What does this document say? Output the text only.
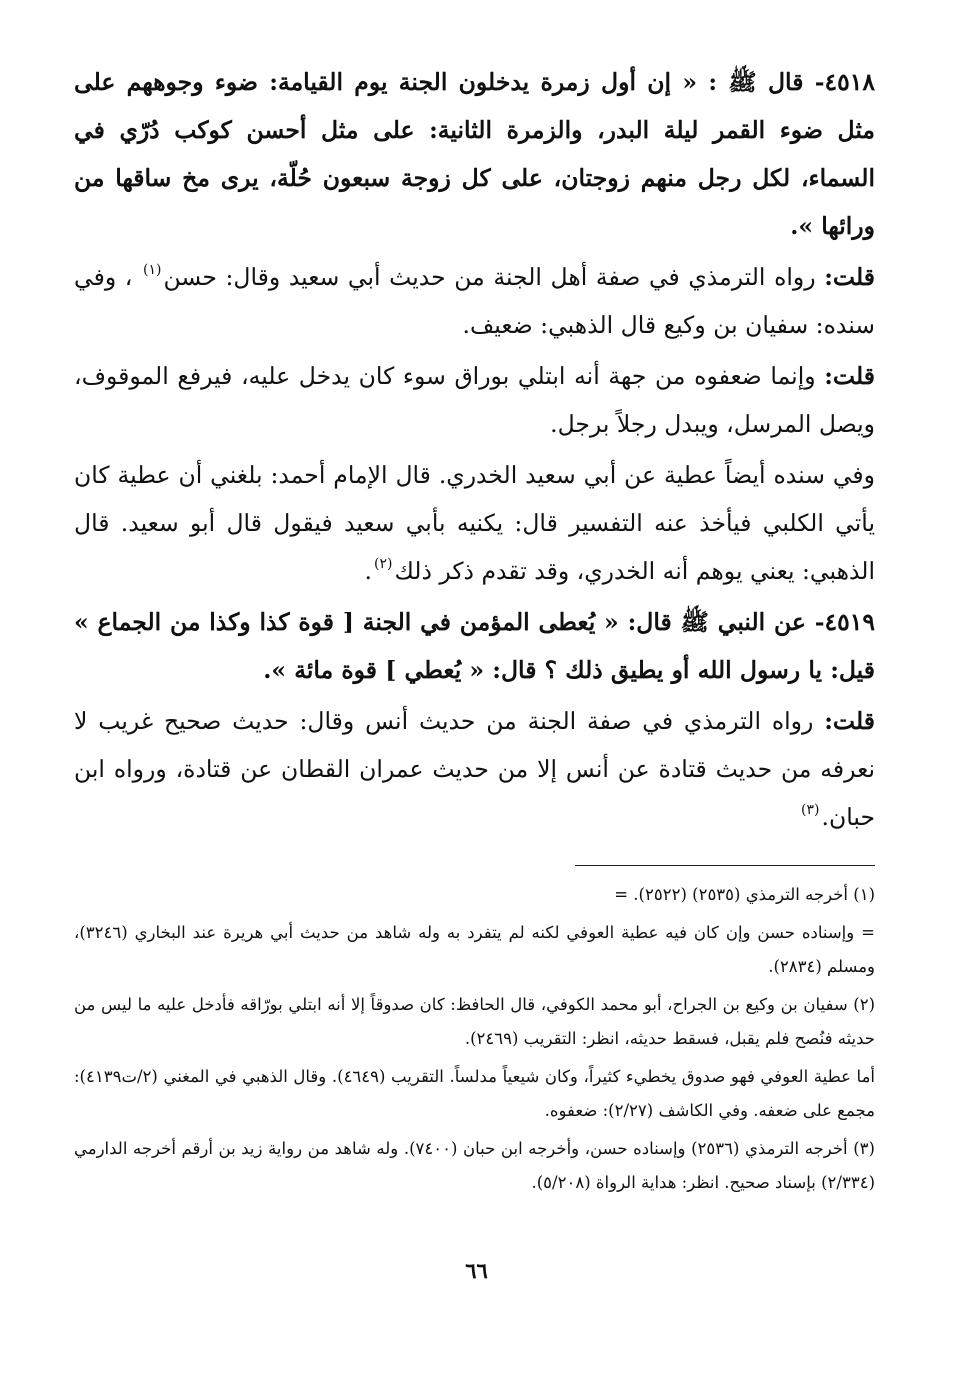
٤٥١٨- قال ﷺ : « إن أول زمرة يدخلون الجنة يوم القيامة: ضوء وجوههم على مثل ضوء القمر ليلة البدر، والزمرة الثانية: على مثل أحسن كوكب دُرّي في السماء، لكل رجل منهم زوجتان، على كل زوجة سبعون حُلّة، يرى مخ ساقها من ورائها ».

قلت: رواه الترمذي في صفة أهل الجنة من حديث أبي سعيد وقال: حسن$^{(١)}$ ، وفي سنده: سفيان بن وكيع قال الذهبي: ضعيف.

قلت: وإنما ضعفوه من جهة أنه ابتلي بوراق سوء كان يدخل عليه، فيرفع الموقوف، ويصل المرسل، ويبدل رجلاً برجل.

وفي سنده أيضاً عطية عن أبي سعيد الخدري. قال الإمام أحمد: بلغني أن عطية كان يأتي الكلبي فيأخذ عنه التفسير قال: يكنيه بأبي سعيد فيقول قال أبو سعيد. قال الذهبي: يعني يوهم أنه الخدري، وقد تقدم ذكر ذلك$^{(٢)}$.

٤٥١٩- عن النبي ﷺ قال: « يُعطى المؤمن في الجنة [ قوة كذا وكذا من الجماع » قيل: يا رسول الله أو يطيق ذلك ؟ قال: « يُعطي ] قوة مائة ».

قلت: رواه الترمذي في صفة الجنة من حديث أنس وقال: حديث صحيح غريب لا نعرفه من حديث قتادة عن أنس إلا من حديث عمران القطان عن قتادة، ورواه ابن حبان.$^{(٣)}$

(١) أخرجه الترمذي (٢٥٣٥) (٢٥٢٢). =

= وإسناده حسن وإن كان فيه عطية العوفي لكنه لم يتفرد به وله شاهد من حديث أبي هريرة عند البخاري (٣٢٤٦)، ومسلم (٢٨٣٤).

(٢) سفيان بن وكيع بن الجراح، أبو محمد الكوفي، قال الحافظ: كان صدوقاً إلا أنه ابتلي بورّاقه فأدخل عليه ما ليس من حديثه فنُصح فلم يقبل، فسقط حديثه، انظر: التقريب (٢٤٦٩).

أما عطية العوفي فهو صدوق يخطيء كثيراً، وكان شيعياً مدلساً. التقريب (٤٦٤٩). وقال الذهبي في المغني (٢/ت٤١٣٩): مجمع على ضعفه. وفي الكاشف (٢/٢٧): ضعفوه.

(٣) أخرجه الترمذي (٢٥٣٦) وإسناده حسن، وأخرجه ابن حبان (٧٤٠٠). وله شاهد من رواية زيد بن أرقم أخرجه الدارمي (٢/٣٣٤) بإسناد صحيح. انظر: هداية الرواة (٥/٢٠٨).

٦٦
